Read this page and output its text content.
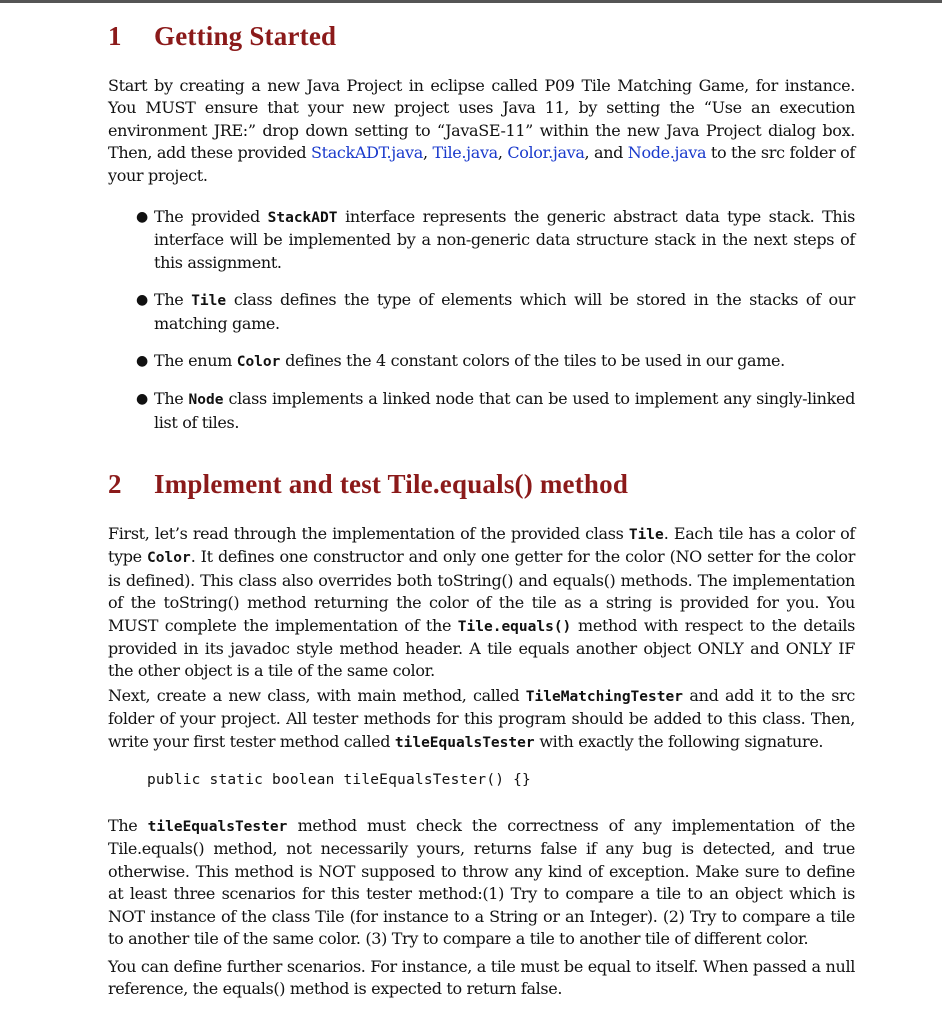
1 Getting Started

Start by creating a new Java Project in eclipse called P09 Tile Matching Game, for instance. You MUST ensure that your new project uses Java 11, by setting the “Use an execution environment JRE:” drop down setting to “JavaSE-11” within the new Java Project dialog box. Then, add these provided StackADT.java, Tile.java, Color.java, and Node.java to the src folder of your project.

● The provided StackADT interface represents the generic abstract data type stack. This interface will be implemented by a non-generic data structure stack in the next steps of this assignment.
● The Tile class defines the type of elements which will be stored in the stacks of our matching game.
● The enum Color defines the 4 constant colors of the tiles to be used in our game.
● The Node class implements a linked node that can be used to implement any singly-linked list of tiles.
2 Implement and test Tile.equals() method

First, let’s read through the implementation of the provided class Tile. Each tile has a color of type Color. It defines one constructor and only one getter for the color (NO setter for the color is defined). This class also overrides both toString() and equals() methods. The implementation of the toString() method returning the color of the tile as a string is provided for you. You MUST complete the implementation of the Tile.equals() method with respect to the details provided in its javadoc style method header. A tile equals another object ONLY and ONLY IF the other object is a tile of the same color.

Next, create a new class, with main method, called TileMatchingTester and add it to the src folder of your project. All tester methods for this program should be added to this class. Then, write your first tester method called tileEqualsTester with exactly the following signature.

public static boolean tileEqualsTester() {}

The tileEqualsTester method must check the correctness of any implementation of the Tile.equals() method, not necessarily yours, returns false if any bug is detected, and true otherwise. This method is NOT supposed to throw any kind of exception. Make sure to define at least three scenarios for this tester method:(1) Try to compare a tile to an object which is NOT instance of the class Tile (for instance to a String or an Integer). (2) Try to compare a tile to another tile of the same color. (3) Try to compare a tile to another tile of different color.

You can define further scenarios. For instance, a tile must be equal to itself. When passed a null reference, the equals() method is expected to return false.
